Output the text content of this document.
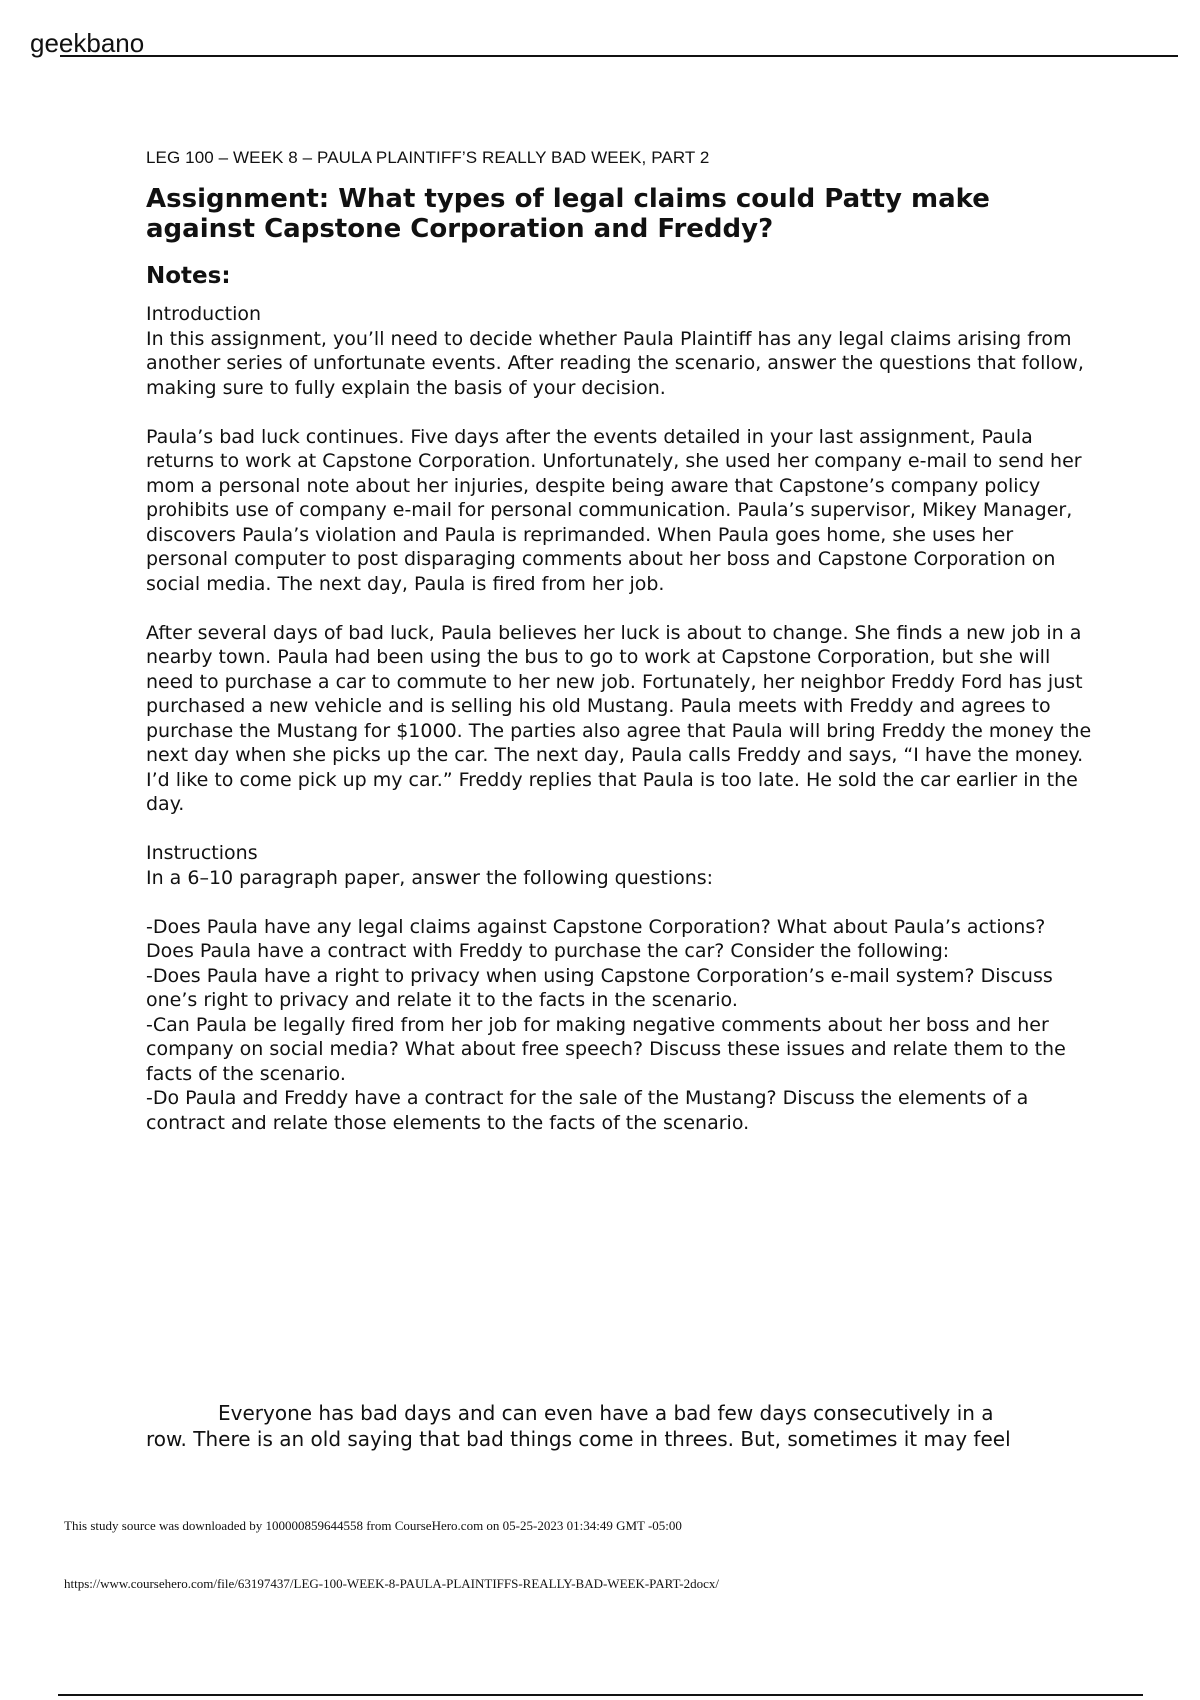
geekbano
LEG 100 – WEEK 8 – PAULA PLAINTIFF’S REALLY BAD WEEK, PART 2
Assignment: What types of legal claims could Patty make against Capstone Corporation and Freddy?
Notes:
Introduction
In this assignment, you’ll need to decide whether Paula Plaintiff has any legal claims arising from another series of unfortunate events. After reading the scenario, answer the questions that follow, making sure to fully explain the basis of your decision.
Paula’s bad luck continues. Five days after the events detailed in your last assignment, Paula returns to work at Capstone Corporation. Unfortunately, she used her company e-mail to send her mom a personal note about her injuries, despite being aware that Capstone’s company policy prohibits use of company e-mail for personal communication. Paula’s supervisor, Mikey Manager, discovers Paula’s violation and Paula is reprimanded. When Paula goes home, she uses her personal computer to post disparaging comments about her boss and Capstone Corporation on social media. The next day, Paula is fired from her job.
After several days of bad luck, Paula believes her luck is about to change. She finds a new job in a nearby town. Paula had been using the bus to go to work at Capstone Corporation, but she will need to purchase a car to commute to her new job. Fortunately, her neighbor Freddy Ford has just purchased a new vehicle and is selling his old Mustang. Paula meets with Freddy and agrees to purchase the Mustang for $1000. The parties also agree that Paula will bring Freddy the money the next day when she picks up the car. The next day, Paula calls Freddy and says, “I have the money. I’d like to come pick up my car.” Freddy replies that Paula is too late. He sold the car earlier in the day.
Instructions
In a 6–10 paragraph paper, answer the following questions:
-Does Paula have any legal claims against Capstone Corporation? What about Paula’s actions? Does Paula have a contract with Freddy to purchase the car? Consider the following:
-Does Paula have a right to privacy when using Capstone Corporation’s e-mail system? Discuss one’s right to privacy and relate it to the facts in the scenario.
-Can Paula be legally fired from her job for making negative comments about her boss and her company on social media? What about free speech? Discuss these issues and relate them to the facts of the scenario.
-Do Paula and Freddy have a contract for the sale of the Mustang? Discuss the elements of a contract and relate those elements to the facts of the scenario.
Everyone has bad days and can even have a bad few days consecutively in a
row. There is an old saying that bad things come in threes. But, sometimes it may feel
This study source was downloaded by 100000859644558 from CourseHero.com on 05-25-2023 01:34:49 GMT -05:00
https://www.coursehero.com/file/63197437/LEG-100-WEEK-8-PAULA-PLAINTIFFS-REALLY-BAD-WEEK-PART-2docx/
